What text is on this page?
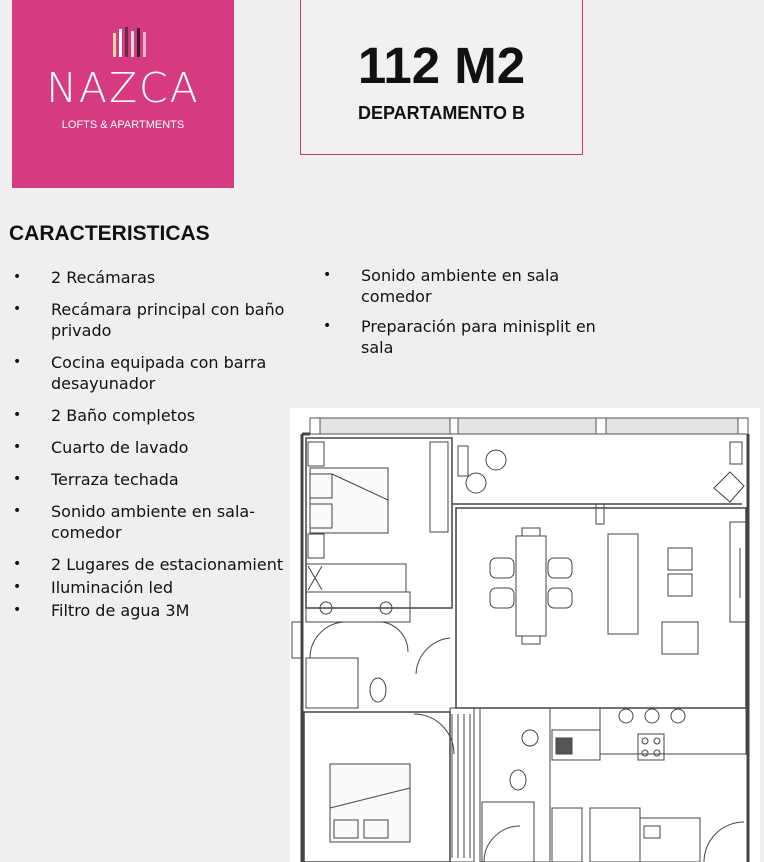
NAZCA
LOFTS & APARTMENTS
112 M2
DEPARTAMENTO B
CARACTERISTICAS
• 2 Recámaras
• Recámara principal con baño privado
• Cocina equipada con barra desayunador
• 2 Baño completos
• Cuarto de lavado
• Terraza techada
• Sonido ambiente en sala-comedor
• 2 Lugares de estacionamient
• Iluminación led
• Filtro de agua 3M
• Sonido ambiente en sala comedor
• Preparación para minisplit en sala
